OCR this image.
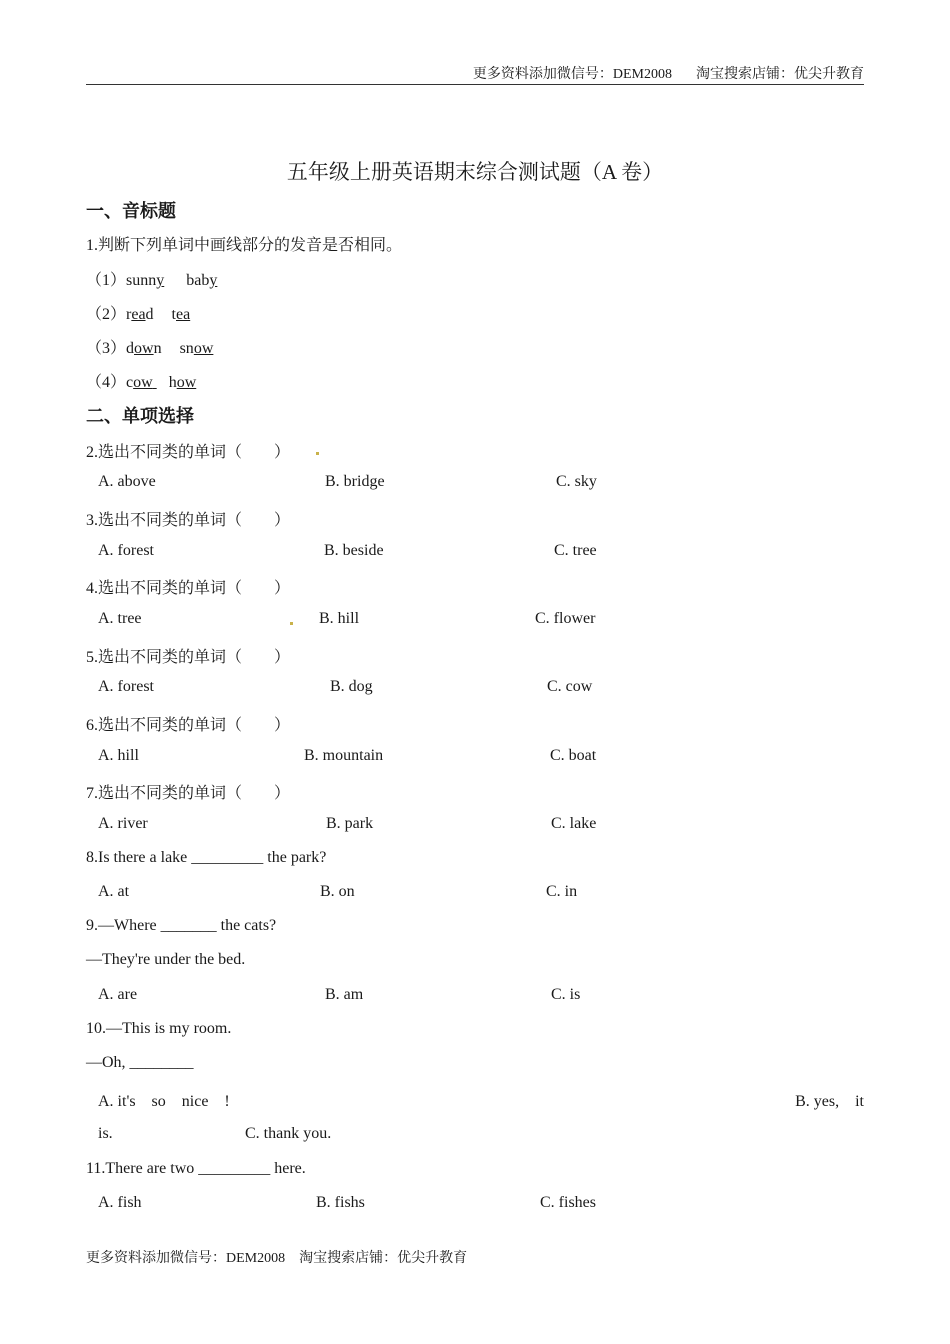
更多资料添加微信号：DEM2008 淘宝搜索店铺：优尖升教育
五年级上册英语期末综合测试题（A 卷）
一、音标题
1.判断下列单词中画线部分的发音是否相同。
（1）sunny baby
（2）read tea
（3）down snow
（4）cow how
二、单项选择
2.选出不同类的单词（　　）
A. above	B. bridge	C. sky
3.选出不同类的单词（　　）
A. forest	B. beside	C. tree
4.选出不同类的单词（　　）
A. tree	B. hill	C. flower
5.选出不同类的单词（　　）
A. forest	B. dog	C. cow
6.选出不同类的单词（　　）
A. hill	B. mountain	C. boat
7.选出不同类的单词（　　）
A. river	B. park	C. lake
8.Is there a lake _________ the park?
A. at	B. on	C. in
9.—Where _______ the cats?
—They're under the bed.
A. are	B. am	C. is
10.—This is my room.
—Oh, ________
A. it's　so　nice　!	B. yes,　it
is.	C. thank you.
11.There are two _________ here.
A. fish	B. fishs	C. fishes
更多资料添加微信号：DEM2008 淘宝搜索店铺：优尖升教育
